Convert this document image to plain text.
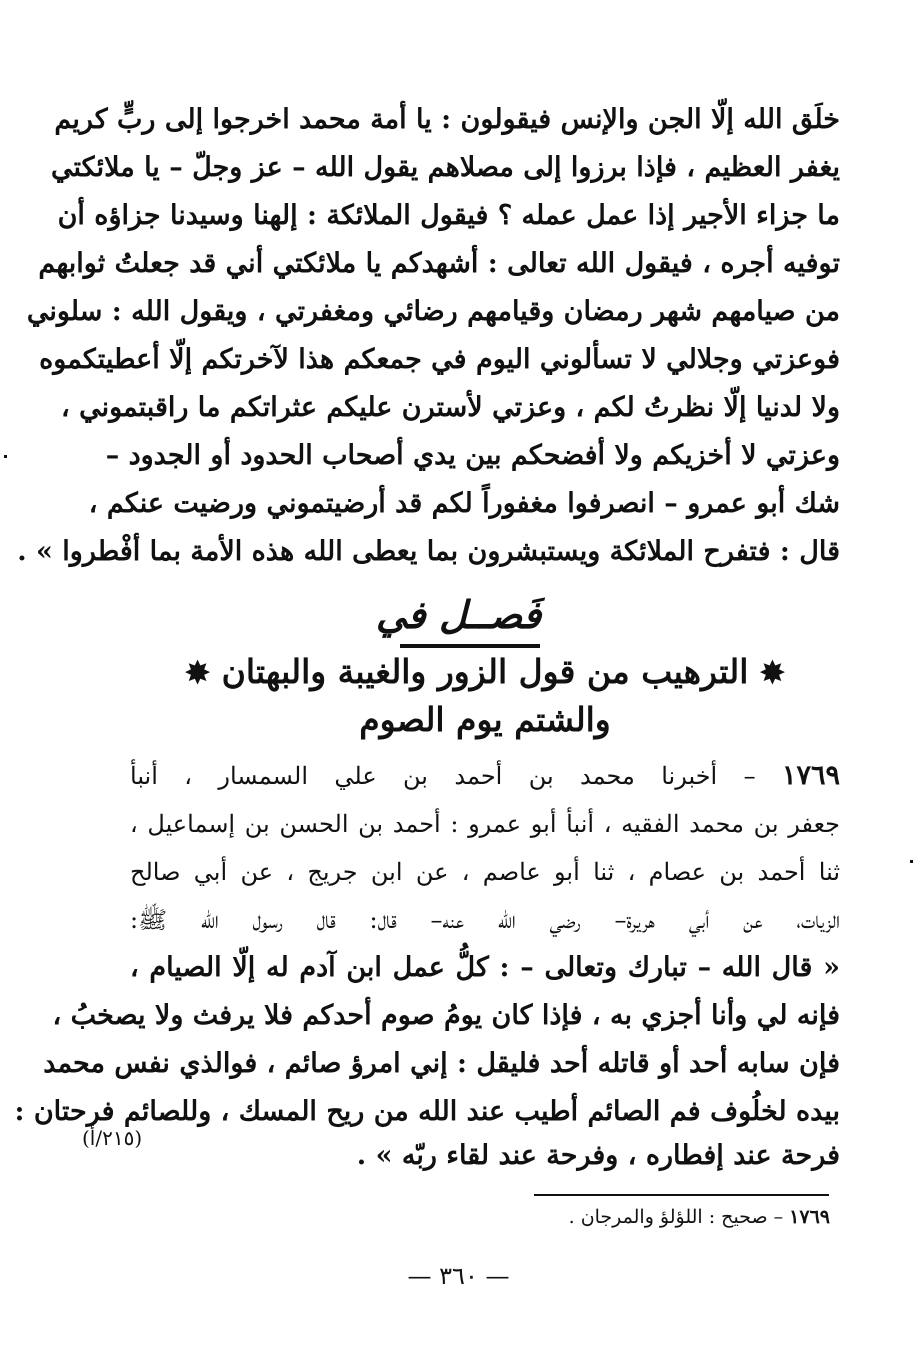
خلَق الله إلّا الجن والإنس فيقولون : يا أمة محمد اخرجوا إلى ربٍّ كريم
يغفر العظيم ، فإذا برزوا إلى مصلاهم يقول الله – عز وجلّ – يا ملائكتي
ما جزاء الأجير إذا عمل عمله ؟ فيقول الملائكة : إلهنا وسيدنا جزاؤه أن
توفيه أجره ، فيقول الله تعالى : أشهدكم يا ملائكتي أني قد جعلتُ ثوابهم
من صيامهم شهر رمضان وقيامهم رضائي ومغفرتي ، ويقول الله : سلوني
فوعزتي وجلالي لا تسألوني اليوم في جمعكم هذا لآخرتكم إلّا أعطيتكموه
ولا لدنيا إلّا نظرتُ لكم ، وعزتي لأسترن عليكم عثراتكم ما راقبتموني ،
وعزتي لا أخزيكم ولا أفضحكم بين يدي أصحاب الحدود أو الجدود –
شك أبو عمرو – انصرفوا مغفوراً لكم قد أرضيتموني ورضيت عنكم ،
قال : فتفرح الملائكة ويستبشرون بما يعطى الله هذه الأمة بما أفْطروا » .
فَصــل في
✸ الترهيب من قول الزور والغيبة والبهتان ✸
والشتم يوم الصوم
١٧٦٩ – أخبرنا محمد بن أحمد بن علي السمسار ، أنبأ
جعفر بن محمد الفقيه ، أنبأ أبو عمرو : أحمد بن الحسن بن إسماعيل ،
ثنا أحمد بن عصام ، ثنا أبو عاصم ، عن ابن جريج ، عن أبي صالح
الزيات، عن أبي هريرة– رضي الله عنه– قال: قال رسول الله ﷺ:
« قال الله – تبارك وتعالى – : كلُّ عمل ابن آدم له إلّا الصيام ،
فإنه لي وأنا أجزي به ، فإذا كان يومُ صوم أحدكم فلا يرفث ولا يصخبُ ،
فإن سابه أحد أو قاتله أحد فليقل : إني امرؤ صائم ، فوالذي نفس محمد
بيده لخلُوف فم الصائم أطيب عند الله من ريح المسك ، وللصائم فرحتان :
فرحة عند إفطاره ، وفرحة عند لقاء ربّه » .
(٢١٥/أ)
١٧٦٩ – صحيح : اللؤلؤ والمرجان .
— ٣٦٠ —
